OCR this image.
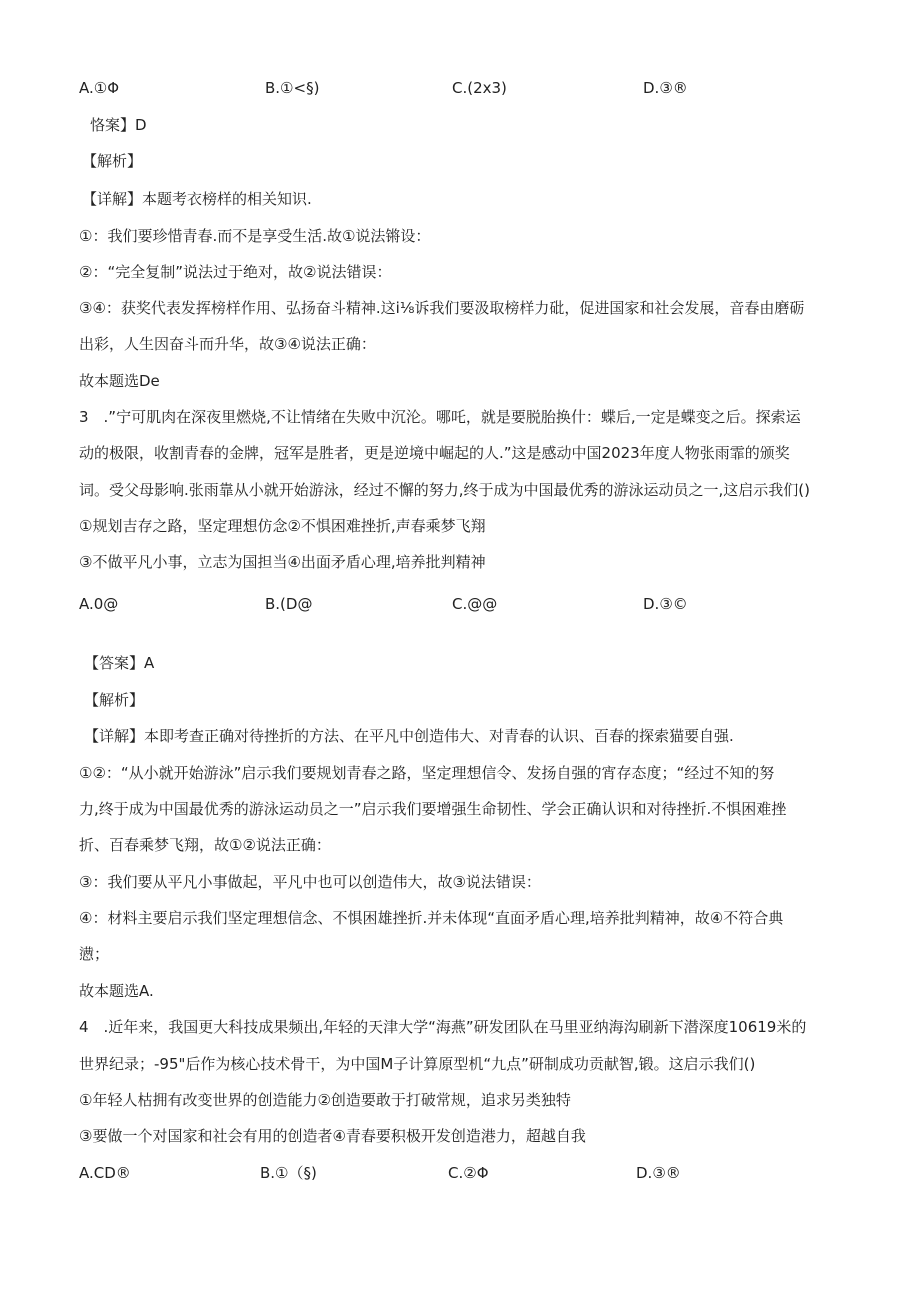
A.①Φ	B.①<§)	C.(2x3)	D.③®
恪案】D
【解析】
【详解】本题考衣榜样的相关知识.
①：我们要珍惜青春.而不是享受生活.故①说法锵设：
②：“完全复制”说法过于绝对，故②说法错误：
③④：获奖代表发挥榜样作用、弘扬奋斗精神.这i⅛诉我们要汲取榜样力砒，促进国家和社会发展，音春由磨砺
出彩，人生因奋斗而升华，故③④说法正确：
故本题选De
3　.”宁可肌肉在深夜里燃烧,不让情绪在失败中沉沦。哪吒，就是要脱胎换什：蝶后,一定是蝶变之后。探索运
动的极限，收割青春的金牌，冠军是胜者，更是逆境中崛起的人.”这是感动中国2023年度人物张雨霏的颁奖
词。受父母影响.张雨靠从小就开始游泳，经过不懈的努力,终于成为中国最优秀的游泳运动员之一,这启示我们()
①规划吉存之路，坚定理想仿念②不惧困难挫折,声春乘梦飞翔
③不做平凡小事，立志为国担当④出面矛盾心理,培养批判精神
A.0@	B.(D@	C.@@	D.③©
【答案】A
【解析】
【详解】本即考查正确对待挫折的方法、在平凡中创造伟大、对青春的认识、百春的探索猫要自强.
①②：“从小就开始游泳”启示我们要规划青春之路，坚定理想信令、发扬自强的宵存态度；“经过不知的努
力,终于成为中国最优秀的游泳运动员之一”启示我们要增强生命韧性、学会正确认识和对待挫折.不惧困难挫
折、百春乘梦飞翔，故①②说法正确：
③：我们要从平凡小事做起，平凡中也可以创造伟大，故③说法错误：
④：材料主要启示我们坚定理想信念、不惧困雄挫折.并未体现“直面矛盾心理,培养批判精神，故④不符合典
懑；
故本题选A.
4　.近年来，我国更大科技成果频出,年轻的天津大学“海燕”研发团队在马里亚纳海沟刷新下潜深度10619米的
世界纪录；-95"后作为核心技术骨干，为中国M子计算原型机“九点”研制成功贡献智,锻。这启示我们()
①年轻人枯拥有改变世界的创造能力②创造要敢于打破常规，追求另类独特
③要做一个对国家和社会有用的创造者④青春要积极开发创造港力，超越自我
A.CD®	B.①（§)	C.②Φ	D.③®
